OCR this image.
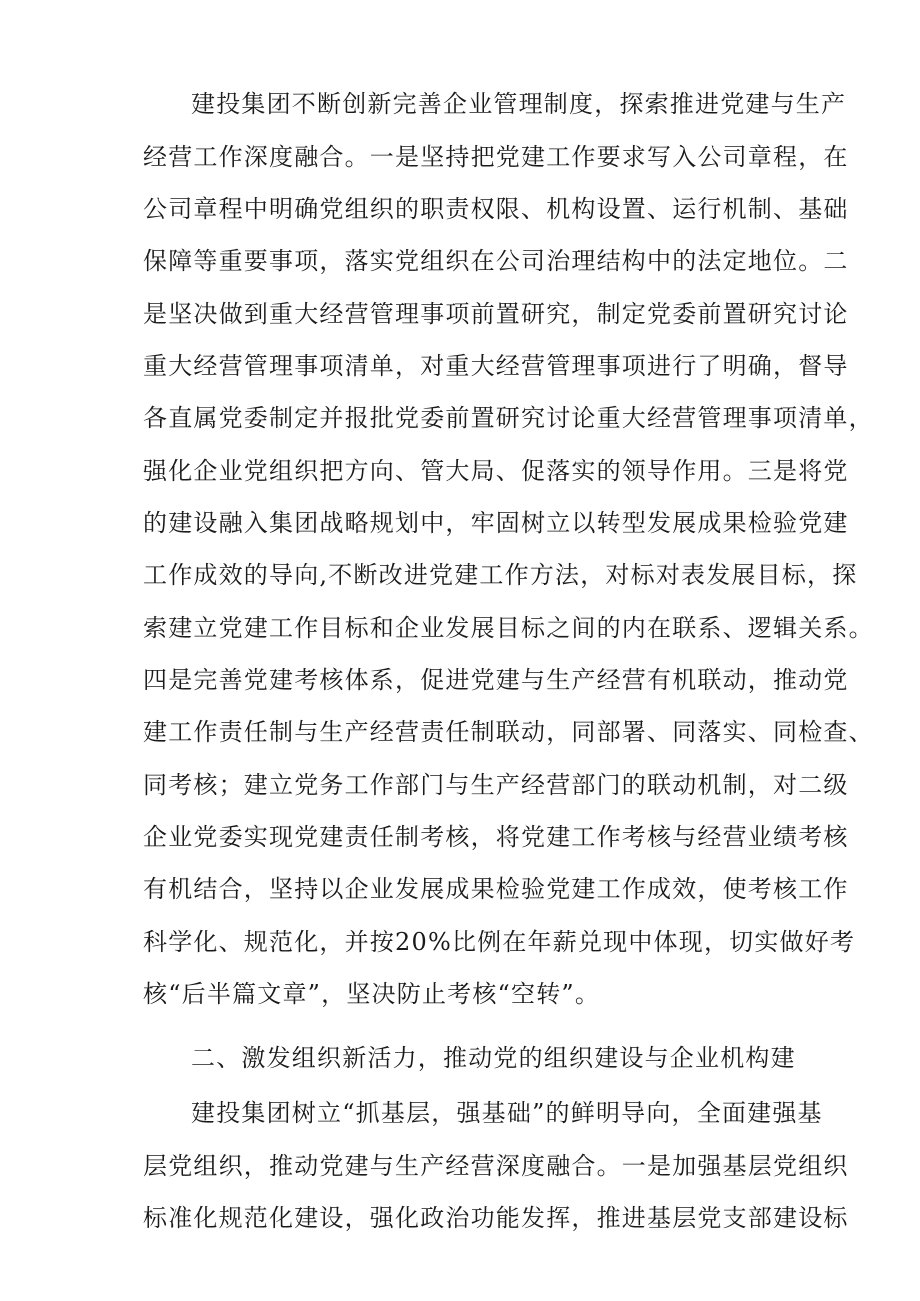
建投集团不断创新完善企业管理制度，探索推进党建与生产
经营工作深度融合。一是坚持把党建工作要求写入公司章程，在
公司章程中明确党组织的职责权限、机构设置、运行机制、基础
保障等重要事项，落实党组织在公司治理结构中的法定地位。二
是坚决做到重大经营管理事项前置研究，制定党委前置研究讨论
重大经营管理事项清单，对重大经营管理事项进行了明确，督导
各直属党委制定并报批党委前置研究讨论重大经营管理事项清单，
强化企业党组织把方向、管大局、促落实的领导作用。三是将党
的建设融入集团战略规划中，牢固树立以转型发展成果检验党建
工作成效的导向,不断改进党建工作方法，对标对表发展目标，探
索建立党建工作目标和企业发展目标之间的内在联系、逻辑关系。
四是完善党建考核体系，促进党建与生产经营有机联动，推动党
建工作责任制与生产经营责任制联动，同部署、同落实、同检查、
同考核；建立党务工作部门与生产经营部门的联动机制，对二级
企业党委实现党建责任制考核，将党建工作考核与经营业绩考核
有机结合，坚持以企业发展成果检验党建工作成效，使考核工作
科学化、规范化，并按20%比例在年薪兑现中体现，切实做好考
核“后半篇文章”，坚决防止考核“空转”。
二、激发组织新活力，推动党的组织建设与企业机构建
建投集团树立“抓基层，强基础”的鲜明导向，全面建强基
层党组织，推动党建与生产经营深度融合。一是加强基层党组织
标准化规范化建设，强化政治功能发挥，推进基层党支部建设标
